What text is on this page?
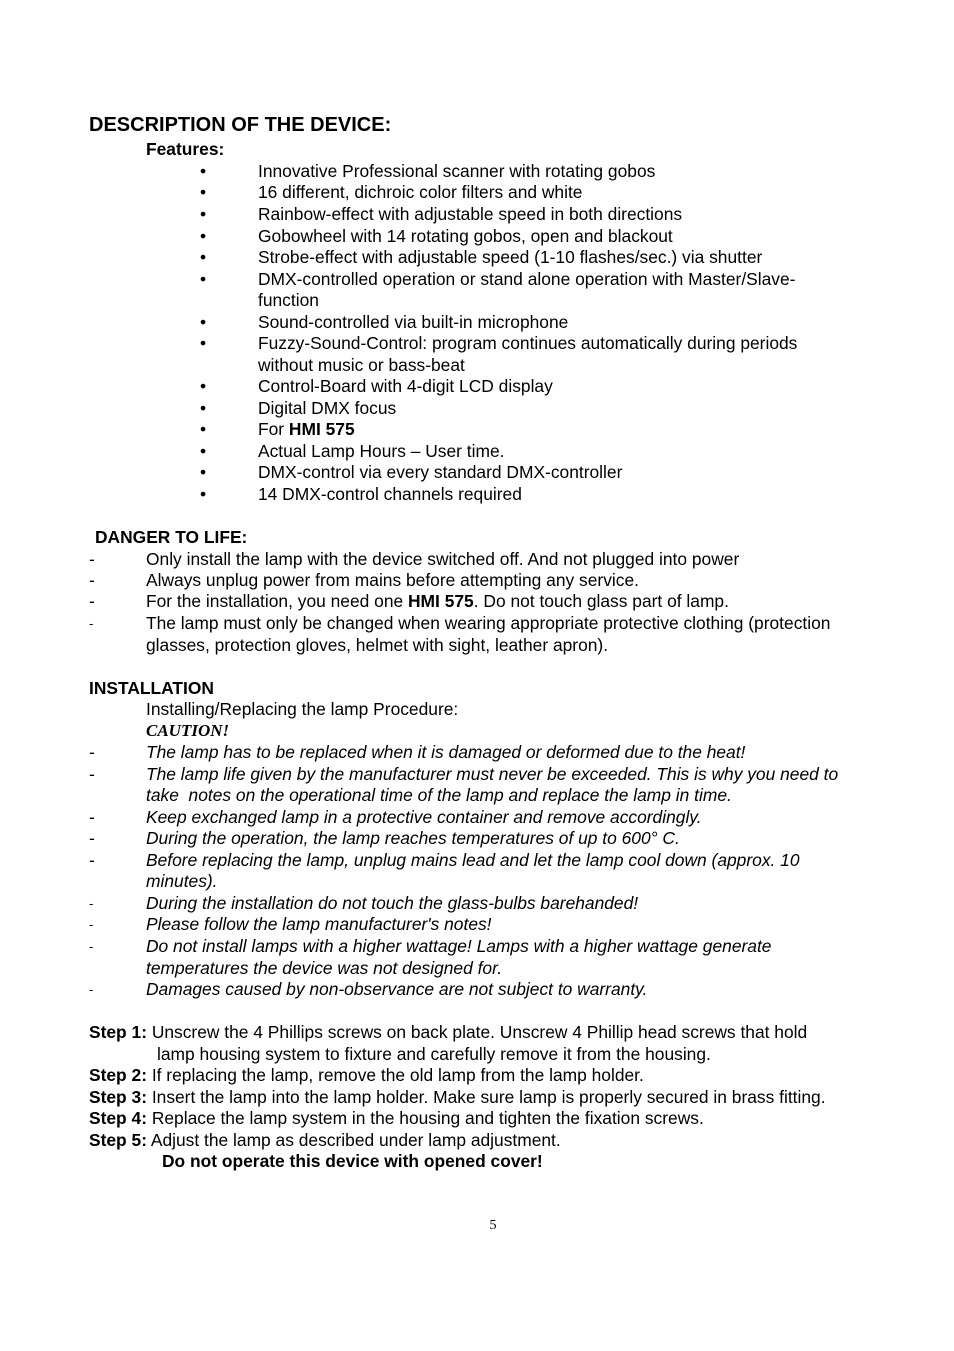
DESCRIPTION OF THE DEVICE:
Features:
•	Innovative Professional scanner with rotating gobos
•	16 different, dichroic color filters and white
•	Rainbow-effect with adjustable speed in both directions
•	Gobowheel with 14 rotating gobos, open and blackout
•	Strobe-effect with adjustable speed (1-10 flashes/sec.) via shutter
•	DMX-controlled operation or stand alone operation with Master/Slave-
function
•	Sound-controlled via built-in microphone
•	Fuzzy-Sound-Control: program continues automatically during periods
without music or bass-beat
•	Control-Board with 4-digit LCD display
•	Digital DMX focus
•	For HMI 575
•	Actual Lamp Hours – User time.
•	DMX-control via every standard DMX-controller
•	14 DMX-control channels required
DANGER TO LIFE:
-	Only install the lamp with the device switched off. And not plugged into power
-	Always unplug power from mains before attempting any service.
-	For the installation, you need one HMI 575. Do not touch glass part of lamp.
-	The lamp must only be changed when wearing appropriate protective clothing (protection
glasses, protection gloves, helmet with sight, leather apron).
INSTALLATION
Installing/Replacing the lamp Procedure:
CAUTION!
-	The lamp has to be replaced when it is damaged or deformed due to the heat!
-	The lamp life given by the manufacturer must never be exceeded. This is why you need to
take  notes on the operational time of the lamp and replace the lamp in time.
-	Keep exchanged lamp in a protective container and remove accordingly.
-	During the operation, the lamp reaches temperatures of up to 600° C.
-	Before replacing the lamp, unplug mains lead and let the lamp cool down (approx. 10
minutes).
-	During the installation do not touch the glass-bulbs barehanded!
-	Please follow the lamp manufacturer's notes!
-	Do not install lamps with a higher wattage! Lamps with a higher wattage generate
temperatures the device was not designed for.
-	Damages caused by non-observance are not subject to warranty.
Step 1: Unscrew the 4 Phillips screws on back plate. Unscrew 4 Phillip head screws that hold
lamp housing system to fixture and carefully remove it from the housing.
Step 2: If replacing the lamp, remove the old lamp from the lamp holder.
Step 3: Insert the lamp into the lamp holder. Make sure lamp is properly secured in brass fitting.
Step 4: Replace the lamp system in the housing and tighten the fixation screws.
Step 5: Adjust the lamp as described under lamp adjustment.
Do not operate this device with opened cover!
5
